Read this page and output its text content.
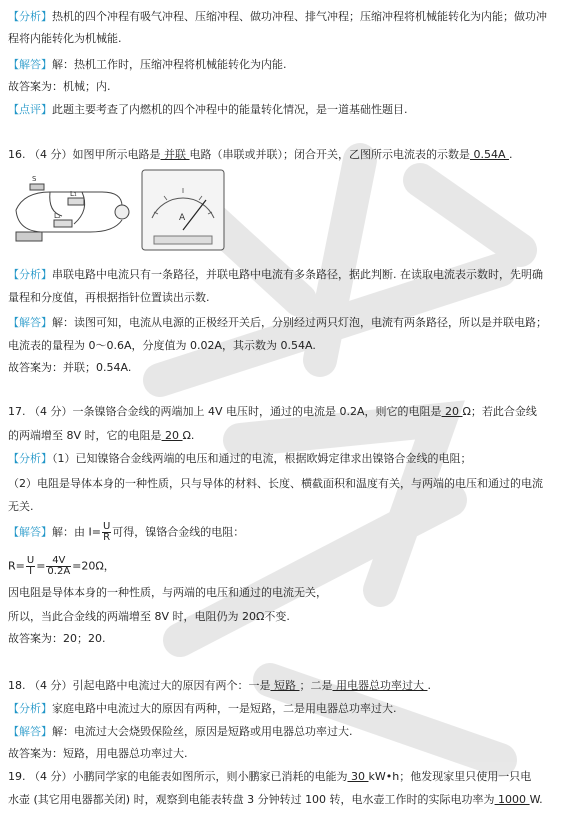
【分析】热机的四个冲程有吸气冲程、压缩冲程、做功冲程、排气冲程；压缩冲程将机械能转化为内能；做功冲
程将内能转化为机械能.
【解答】解：热机工作时，压缩冲程将机械能转化为内能.
故答案为：机械；内.
【点评】此题主要考查了内燃机的四个冲程中的能量转化情况，是一道基础性题目.
16. （4 分）如图甲所示电路是 并联 电路（串联或并联）；闭合开关，乙图所示电流表的示数是 0.54A .
S
L₁
L₂	A
【分析】串联电路中电流只有一条路径，并联电路中电流有多条路径，据此判断. 在读取电流表示数时，先明确
量程和分度值，再根据指针位置读出示数.
【解答】解：读图可知，电流从电源的正极经开关后，分别经过两只灯泡，电流有两条路径，所以是并联电路；
电流表的量程为 0～0.6A，分度值为 0.02A，其示数为 0.54A.
故答案为：并联；0.54A.
17. （4 分）一条镍铬合金线的两端加上 4V 电压时，通过的电流是 0.2A，则它的电阻是 20 Ω；若此合金线
的两端增至 8V 时，它的电阻是 20 Ω.
【分析】（1）已知镍铬合金线两端的电压和通过的电流，根据欧姆定律求出镍铬合金线的电阻；
（2）电阻是导体本身的一种性质，只与导体的材料、长度、横截面积和温度有关，与两端的电压和通过的电流
无关.
【解答】解：由 $I= \frac{U}{R}$ 可得，镍铬合金线的电阻：
$R= \frac{U}{I} = \frac{4V}{0.2A} =20\Omega$，
因电阻是导体本身的一种性质，与两端的电压和通过的电流无关，
所以，当此合金线的两端增至 8V 时，电阻仍为 20Ω不变.
故答案为：20；20.
18. （4 分）引起电路中电流过大的原因有两个：一是 短路 ；二是 用电器总功率过大 .
【分析】家庭电路中电流过大的原因有两种，一是短路，二是用电器总功率过大.
【解答】解：电流过大会烧毁保险丝，原因是短路或用电器总功率过大.
故答案为：短路，用电器总功率过大.
19. （4 分）小鹏同学家的电能表如图所示，则小鹏家已消耗的电能为 30 kW•h；他发现家里只使用一只电
水壶 (其它用电器都关闭) 时，观察到电能表转盘 3 分钟转过 100 转，电水壶工作时的实际电功率为 1000 W.
